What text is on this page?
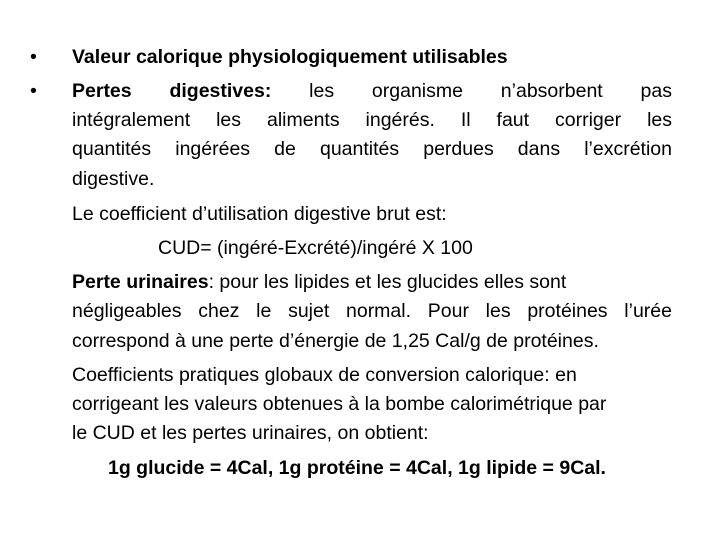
• Valeur calorique physiologiquement utilisables

• Pertes digestives: les organisme n’absorbent pas

intégralement les aliments ingérés. Il faut corriger les

quantités ingérées de quantités perdues dans l’excrétion

digestive.

Le coefficient d’utilisation digestive brut est:

CUD= (ingéré-Excrété)/ingéré X 100

Perte urinaires: pour les lipides et les glucides elles sont

négligeables chez le sujet normal. Pour les protéines l’urée

correspond à une perte d’énergie de 1,25 Cal/g de protéines.

Coefficients pratiques globaux de conversion calorique: en

corrigeant les valeurs obtenues à la bombe calorimétrique par

le CUD et les pertes urinaires, on obtient:

1g glucide = 4Cal, 1g protéine = 4Cal, 1g lipide = 9Cal.
